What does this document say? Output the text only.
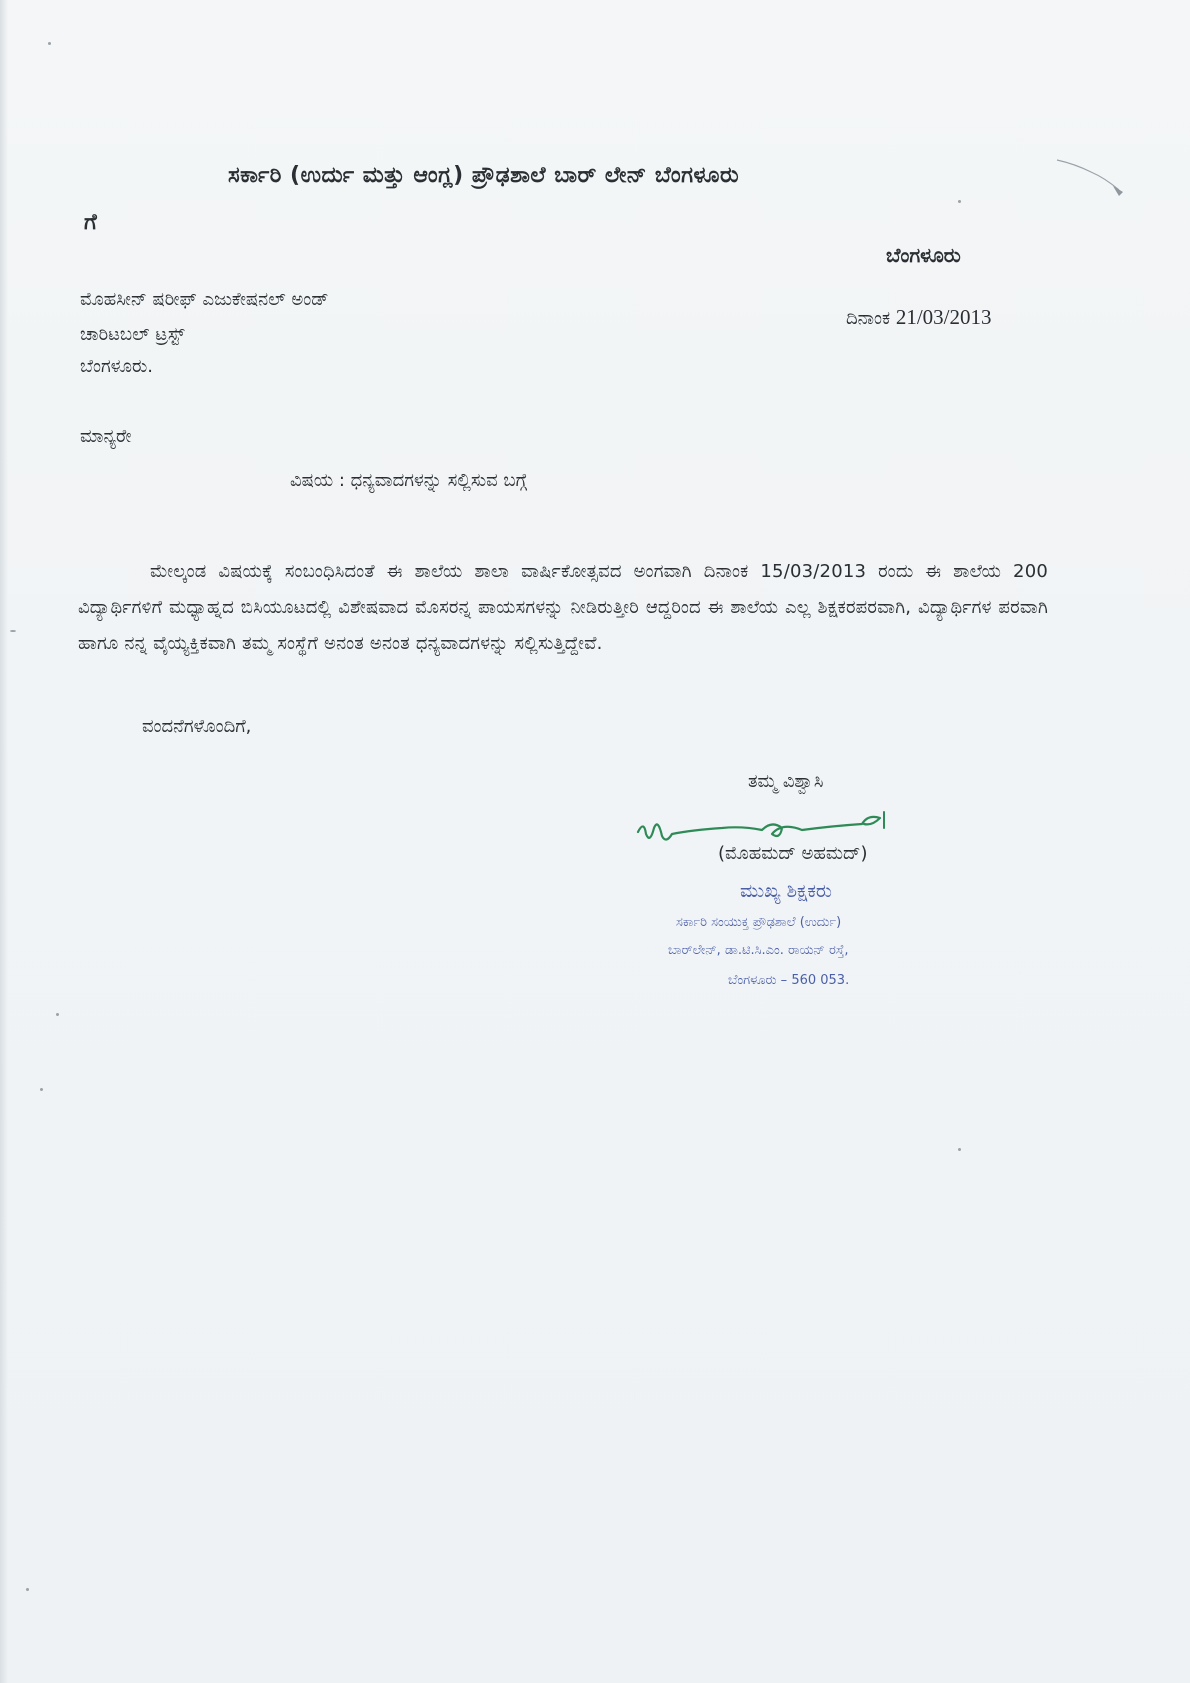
ಸರ್ಕಾರಿ (ಉರ್ದು ಮತ್ತು ಆಂಗ್ಲ) ಪ್ರೌಢಶಾಲೆ ಬಾರ್ ಲೇನ್ ಬೆಂಗಳೂರು
ಗೆ
ಬೆಂಗಳೂರು
ಮೊಹಸೀನ್ ಷರೀಫ್ ಎಜುಕೇಷನಲ್ ಅಂಡ್
ಚಾರಿಟಬಲ್ ಟ್ರಸ್ಟ್
ಬೆಂಗಳೂರು.
ದಿನಾಂಕ 21/03/2013
ಮಾನ್ಯರೇ
ವಿಷಯ : ಧನ್ಯವಾದಗಳನ್ನು ಸಲ್ಲಿಸುವ ಬಗ್ಗೆ
ಮೇಲ್ಕಂಡ ವಿಷಯಕ್ಕೆ ಸಂಬಂಧಿಸಿದಂತೆ ಈ ಶಾಲೆಯ ಶಾಲಾ ವಾರ್ಷಿಕೋತ್ಸವದ ಅಂಗವಾಗಿ ದಿನಾಂಕ 15/03/2013 ರಂದು ಈ ಶಾಲೆಯ 200 ವಿದ್ಯಾರ್ಥಿಗಳಿಗೆ ಮಧ್ಯಾಹ್ನದ ಬಿಸಿಯೂಟದಲ್ಲಿ ವಿಶೇಷವಾದ ಮೊಸರನ್ನ ಪಾಯಸಗಳನ್ನು ನೀಡಿರುತ್ತೀರಿ ಆದ್ದರಿಂದ ಈ ಶಾಲೆಯ ಎಲ್ಲ ಶಿಕ್ಷಕರಪರವಾಗಿ, ವಿದ್ಯಾರ್ಥಿಗಳ ಪರವಾಗಿ ಹಾಗೂ ನನ್ನ ವೈಯ್ಯಕ್ತಿಕವಾಗಿ ತಮ್ಮ ಸಂಸ್ಥೆಗೆ ಅನಂತ ಅನಂತ ಧನ್ಯವಾದಗಳನ್ನು ಸಲ್ಲಿಸುತ್ತಿದ್ದೇವೆ.
ವಂದನೆಗಳೊಂದಿಗೆ,
ತಮ್ಮ ವಿಶ್ವಾಸಿ
(ಮೊಹಮದ್ ಅಹಮದ್)
ಮುಖ್ಯ ಶಿಕ್ಷಕರು
ಸರ್ಕಾರಿ ಸಂಯುಕ್ತ ಪ್ರೌಢಶಾಲೆ (ಉರ್ದು)
ಬಾರ್‌ಲೇನ್, ಡಾ.ಟಿ.ಸಿ.ಎಂ. ರಾಯನ್ ರಸ್ತೆ,
ಬೆಂಗಳೂರು – 560 053.
